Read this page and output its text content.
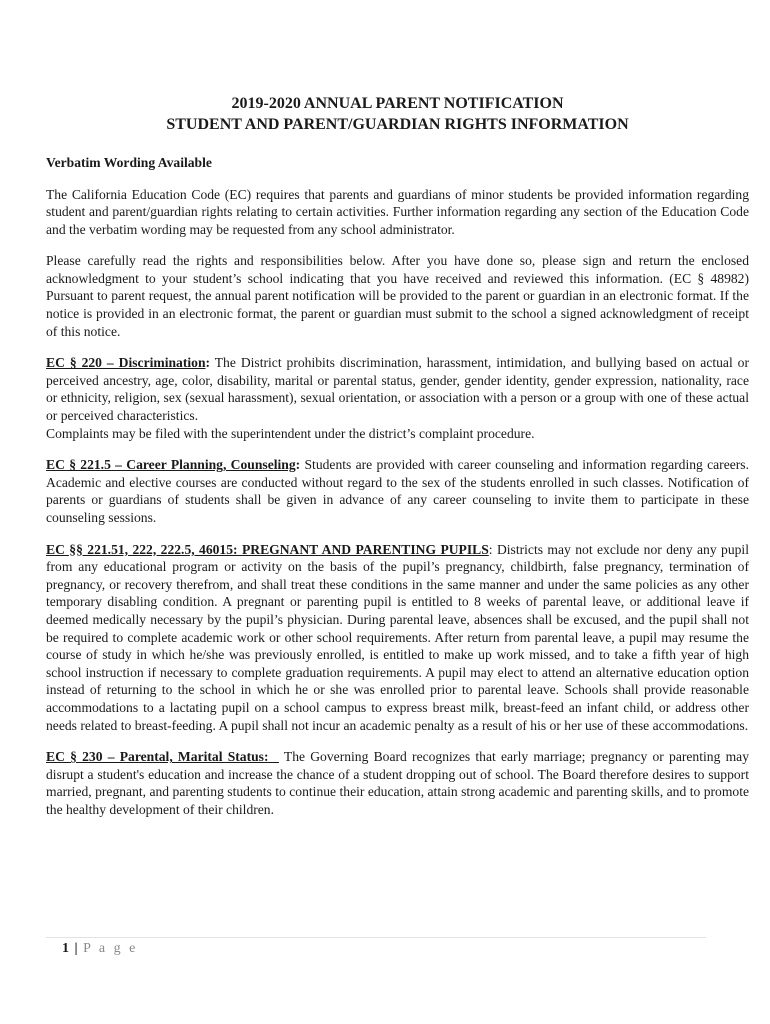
2019-2020 ANNUAL PARENT NOTIFICATION
STUDENT AND PARENT/GUARDIAN RIGHTS INFORMATION
Verbatim Wording Available

The California Education Code (EC) requires that parents and guardians of minor students be provided information regarding student and parent/guardian rights relating to certain activities. Further information regarding any section of the Education Code and the verbatim wording may be requested from any school administrator.

Please carefully read the rights and responsibilities below. After you have done so, please sign and return the enclosed acknowledgment to your student’s school indicating that you have received and reviewed this information. (EC § 48982) Pursuant to parent request, the annual parent notification will be provided to the parent or guardian in an electronic format. If the notice is provided in an electronic format, the parent or guardian must submit to the school a signed acknowledgment of receipt of this notice.

EC § 220 – Discrimination: The District prohibits discrimination, harassment, intimidation, and bullying based on actual or perceived ancestry, age, color, disability, marital or parental status, gender, gender identity, gender expression, nationality, race or ethnicity, religion, sex (sexual harassment), sexual orientation, or association with a person or a group with one of these actual or perceived characteristics.

Complaints may be filed with the superintendent under the district’s complaint procedure.

EC § 221.5 – Career Planning, Counseling: Students are provided with career counseling and information regarding careers. Academic and elective courses are conducted without regard to the sex of the students enrolled in such classes. Notification of parents or guardians of students shall be given in advance of any career counseling to invite them to participate in these counseling sessions.

EC §§ 221.51, 222, 222.5, 46015: PREGNANT AND PARENTING PUPILS: Districts may not exclude nor deny any pupil from any educational program or activity on the basis of the pupil’s pregnancy, childbirth, false pregnancy, termination of pregnancy, or recovery therefrom, and shall treat these conditions in the same manner and under the same policies as any other temporary disabling condition. A pregnant or parenting pupil is entitled to 8 weeks of parental leave, or additional leave if deemed medically necessary by the pupil’s physician. During parental leave, absences shall be excused, and the pupil shall not be required to complete academic work or other school requirements. After return from parental leave, a pupil may resume the course of study in which he/she was previously enrolled, is entitled to make up work missed, and to take a fifth year of high school instruction if necessary to complete graduation requirements. A pupil may elect to attend an alternative education option instead of returning to the school in which he or she was enrolled prior to parental leave. Schools shall provide reasonable accommodations to a lactating pupil on a school campus to express breast milk, breast-feed an infant child, or address other needs related to breast-feeding. A pupil shall not incur an academic penalty as a result of his or her use of these accommodations.

EC § 230 – Parental, Marital Status:   The Governing Board recognizes that early marriage; pregnancy or parenting may disrupt a student's education and increase the chance of a student dropping out of school. The Board therefore desires to support married, pregnant, and parenting students to continue their education, attain strong academic and parenting skills, and to promote the healthy development of their children.

1 | P a g e
